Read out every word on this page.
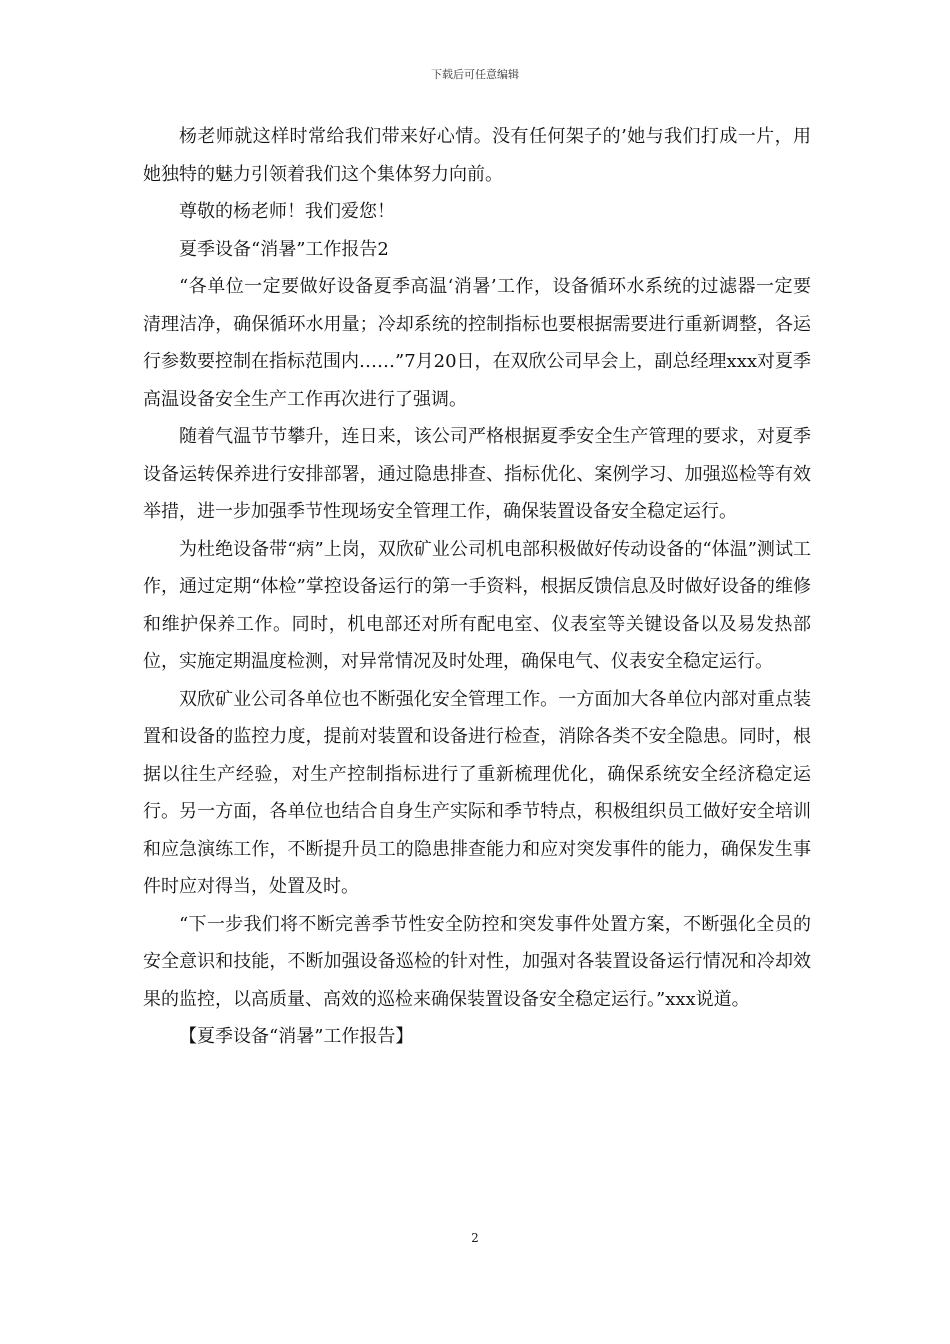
下载后可任意编辑

杨老师就这样时常给我们带来好心情。没有任何架子的’她与我们打成一片，用她独特的魅力引领着我们这个集体努力向前。

尊敬的杨老师！我们爱您！

夏季设备“消暑”工作报告2

“各单位一定要做好设备夏季高温‘消暑’工作，设备循环水系统的过滤器一定要清理洁净，确保循环水用量；冷却系统的控制指标也要根据需要进行重新调整，各运行参数要控制在指标范围内……”7月20日，在双欣公司早会上，副总经理xxx对夏季高温设备安全生产工作再次进行了强调。

随着气温节节攀升，连日来，该公司严格根据夏季安全生产管理的要求，对夏季设备运转保养进行安排部署，通过隐患排查、指标优化、案例学习、加强巡检等有效举措，进一步加强季节性现场安全管理工作，确保装置设备安全稳定运行。

为杜绝设备带“病”上岗，双欣矿业公司机电部积极做好传动设备的“体温”测试工作，通过定期“体检”掌控设备运行的第一手资料，根据反馈信息及时做好设备的维修和维护保养工作。同时，机电部还对所有配电室、仪表室等关键设备以及易发热部位，实施定期温度检测，对异常情况及时处理，确保电气、仪表安全稳定运行。

双欣矿业公司各单位也不断强化安全管理工作。一方面加大各单位内部对重点装置和设备的监控力度，提前对装置和设备进行检查，消除各类不安全隐患。同时，根据以往生产经验，对生产控制指标进行了重新梳理优化，确保系统安全经济稳定运行。另一方面，各单位也结合自身生产实际和季节特点，积极组织员工做好安全培训和应急演练工作，不断提升员工的隐患排查能力和应对突发事件的能力，确保发生事件时应对得当，处置及时。

“下一步我们将不断完善季节性安全防控和突发事件处置方案，不断强化全员的安全意识和技能，不断加强设备巡检的针对性，加强对各装置设备运行情况和冷却效果的监控，以高质量、高效的巡检来确保装置设备安全稳定运行。”xxx说道。

【夏季设备“消暑”工作报告】

2
